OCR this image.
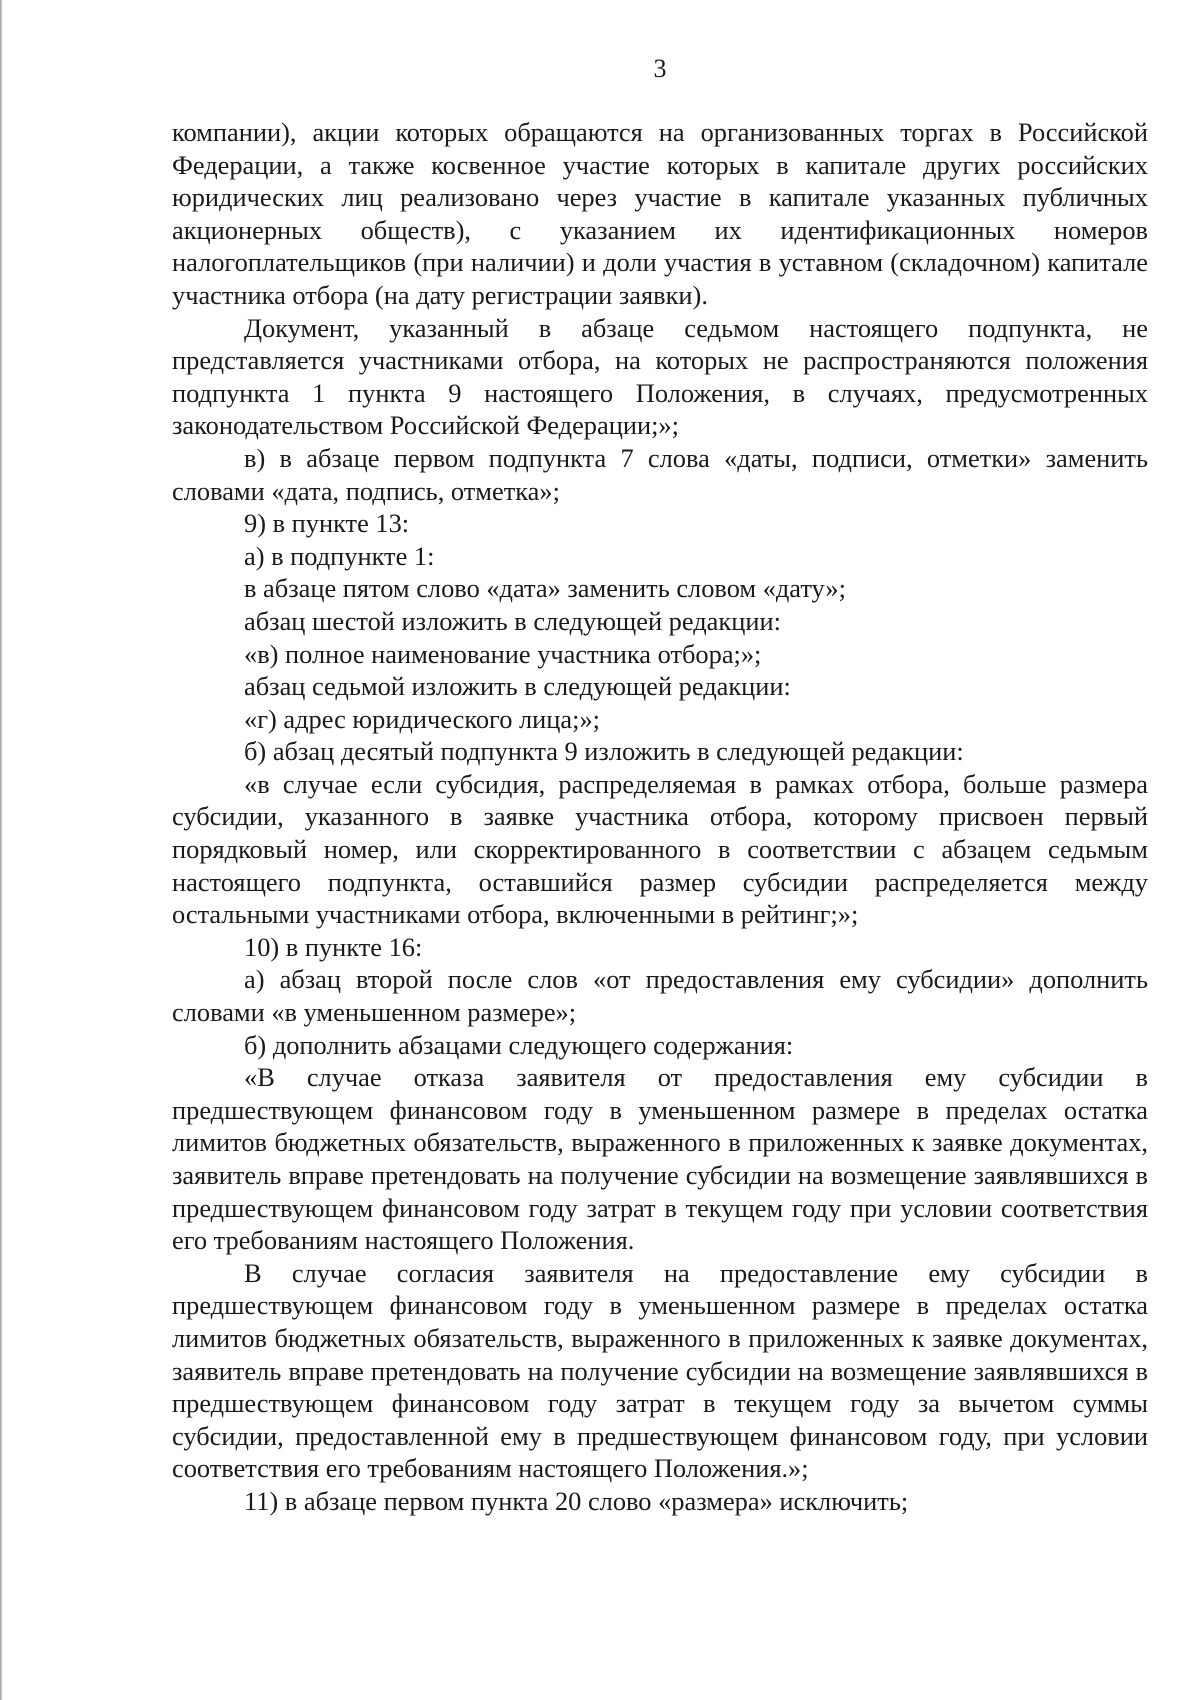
3

компании), акции которых обращаются на организованных торгах в Российской Федерации, а также косвенное участие которых в капитале других российских юридических лиц реализовано через участие в капитале указанных публичных акционерных обществ), с указанием их идентификационных номеров налогоплательщиков (при наличии) и доли участия в уставном (складочном) капитале участника отбора (на дату регистрации заявки).

Документ, указанный в абзаце седьмом настоящего подпункта, не представляется участниками отбора, на которых не распространяются положения подпункта 1 пункта 9 настоящего Положения, в случаях, предусмотренных законодательством Российской Федерации;»;

в) в абзаце первом подпункта 7 слова «даты, подписи, отметки» заменить словами «дата, подпись, отметка»;

9) в пункте 13:

а) в подпункте 1:

в абзаце пятом слово «дата» заменить словом «дату»;

абзац шестой изложить в следующей редакции:

«в) полное наименование участника отбора;»;

абзац седьмой изложить в следующей редакции:

«г) адрес юридического лица;»;

б) абзац десятый подпункта 9 изложить в следующей редакции:

«в случае если субсидия, распределяемая в рамках отбора, больше размера субсидии, указанного в заявке участника отбора, которому присвоен первый порядковый номер, или скорректированного в соответствии с абзацем седьмым настоящего подпункта, оставшийся размер субсидии распределяется между остальными участниками отбора, включенными в рейтинг;»;

10) в пункте 16:

а) абзац второй после слов «от предоставления ему субсидии» дополнить словами «в уменьшенном размере»;

б) дополнить абзацами следующего содержания:

«В случае отказа заявителя от предоставления ему субсидии в предшествующем финансовом году в уменьшенном размере в пределах остатка лимитов бюджетных обязательств, выраженного в приложенных к заявке документах, заявитель вправе претендовать на получение субсидии на возмещение заявлявшихся в предшествующем финансовом году затрат в текущем году при условии соответствия его требованиям настоящего Положения.

В случае согласия заявителя на предоставление ему субсидии в предшествующем финансовом году в уменьшенном размере в пределах остатка лимитов бюджетных обязательств, выраженного в приложенных к заявке документах, заявитель вправе претендовать на получение субсидии на возмещение заявлявшихся в предшествующем финансовом году затрат в текущем году за вычетом суммы субсидии, предоставленной ему в предшествующем финансовом году, при условии соответствия его требованиям настоящего Положения.»;

11) в абзаце первом пункта 20 слово «размера» исключить;
